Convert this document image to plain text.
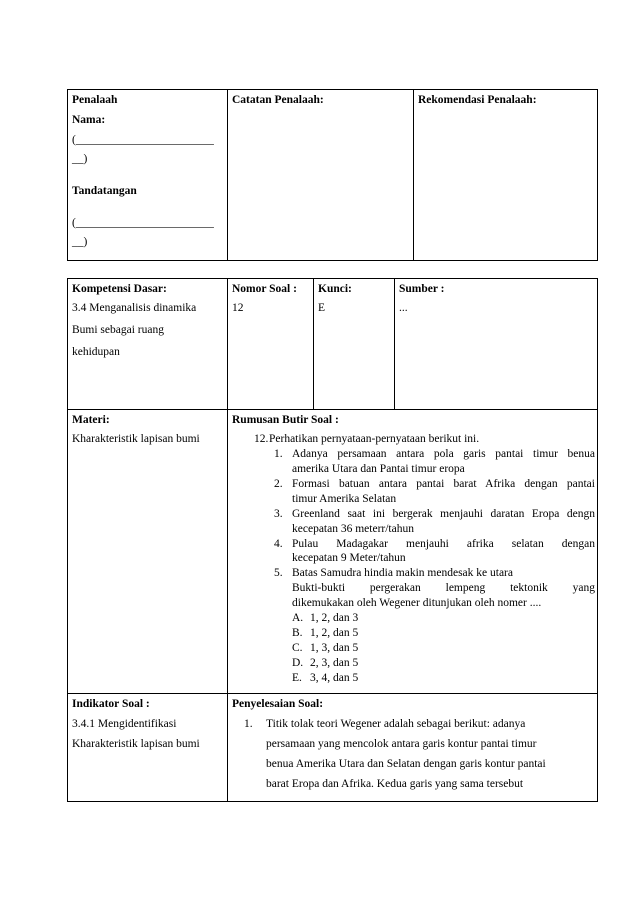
Penalaah
Nama:
(________________________
__)
Tandatangan
(________________________
__)
Catatan Penalaah:	Rekomendasi Penalaah:
Kompetensi Dasar:
3.4 Menganalisis dinamika
Bumi sebagai ruang
kehidupan
Nomor Soal :
12
Kunci:
E
Sumber :
...
Materi:
Kharakteristik lapisan bumi
Rumusan Butir Soal :
12. Perhatikan pernyataan-pernyataan berikut ini.
1. Adanya persamaan antara pola garis pantai timur benua
amerika Utara dan Pantai timur eropa
2. Formasi batuan antara pantai barat Afrika dengan pantai
timur Amerika Selatan
3. Greenland saat ini bergerak menjauhi daratan Eropa dengn
kecepatan 36 meterr/tahun
4. Pulau Madagakar menjauhi afrika selatan dengan
kecepatan 9 Meter/tahun
5. Batas Samudra hindia makin mendesak ke utara
Bukti-bukti pergerakan lempeng tektonik yang
dikemukakan oleh Wegener ditunjukan oleh nomer ....
A. 1, 2, dan 3
B. 1, 2, dan 5
C. 1, 3, dan 5
D. 2, 3, dan 5
E. 3, 4, dan 5
Indikator Soal :
3.4.1 Mengidentifikasi
Kharakteristik lapisan bumi
Penyelesaian Soal:
1.	Titik tolak teori Wegener adalah sebagai berikut: adanya
persamaan yang mencolok antara garis kontur pantai timur
benua Amerika Utara dan Selatan dengan garis kontur pantai
barat Eropa dan Afrika. Kedua garis yang sama tersebut
